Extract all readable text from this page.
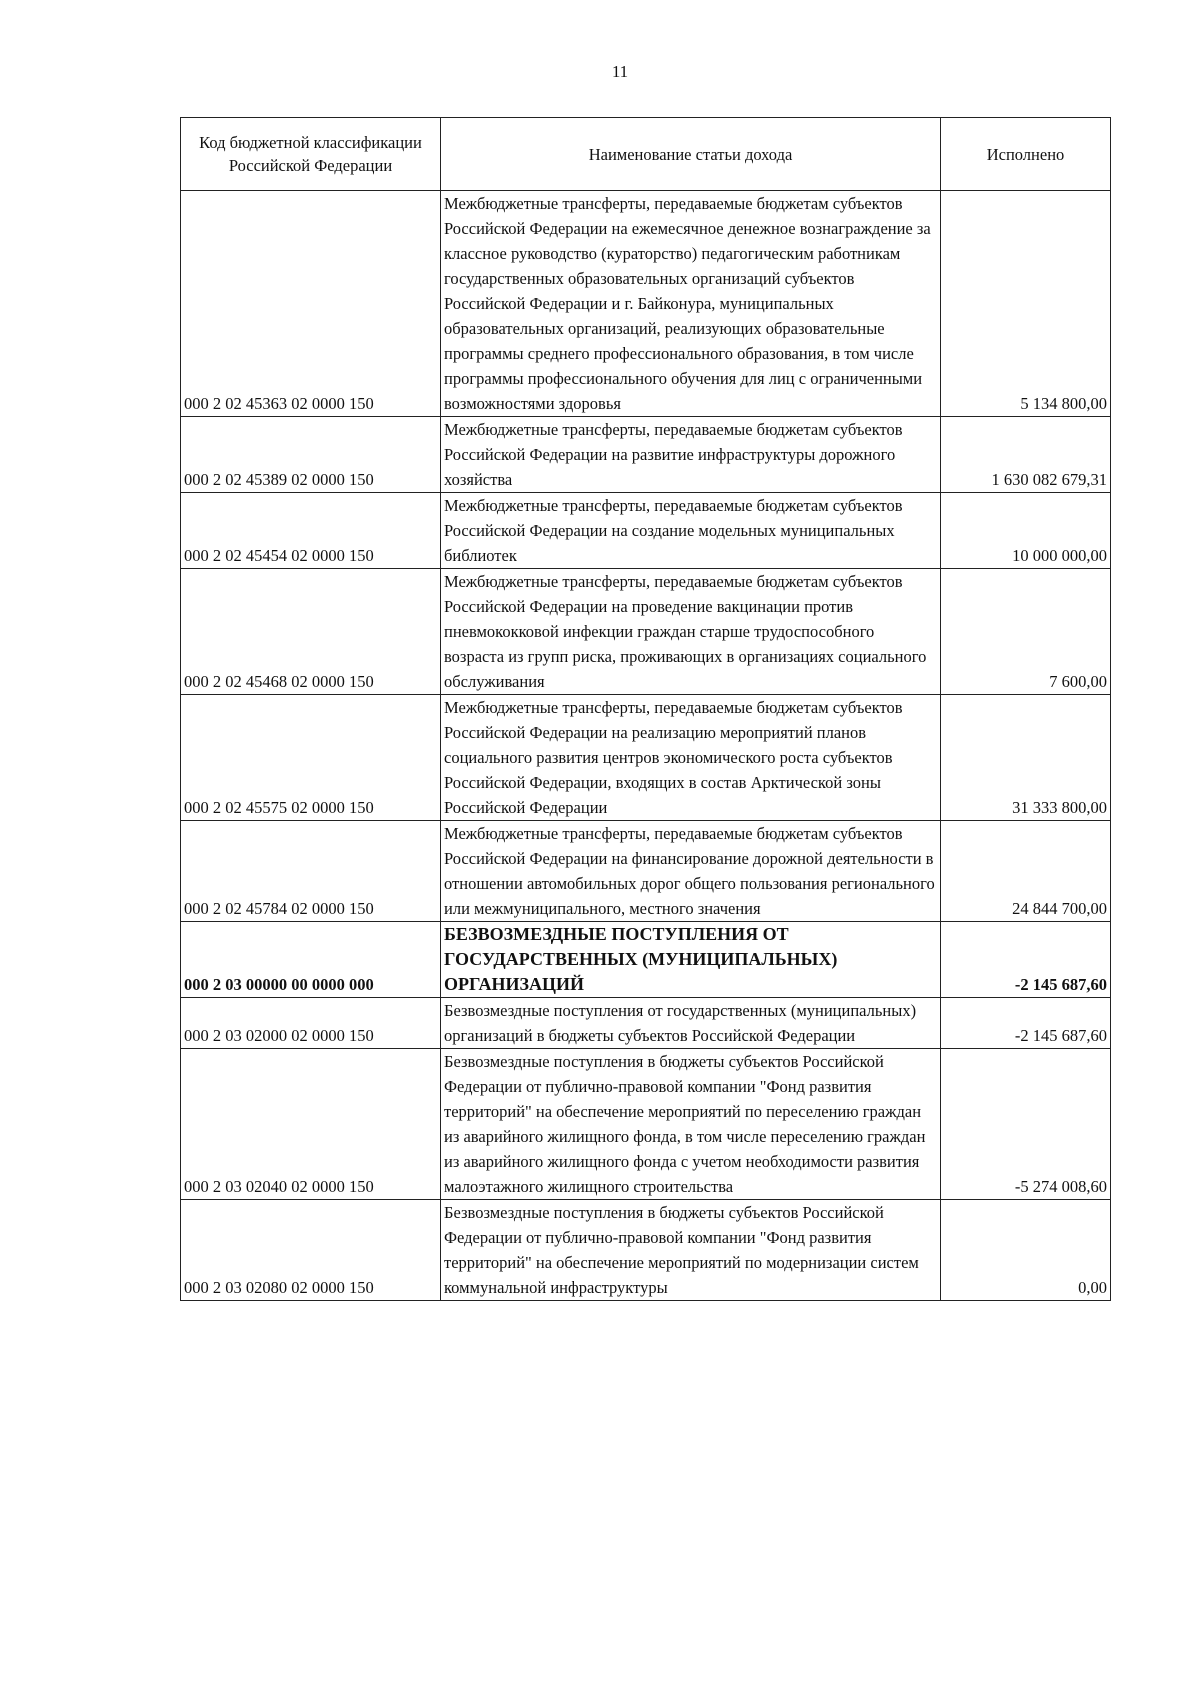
11
Код бюджетной классификации Российской Федерации	Наименование статьи дохода	Исполнено
000 2 02 45363 02 0000 150	Межбюджетные трансферты, передаваемые бюджетам субъектов Российской Федерации на ежемесячное денежное вознаграждение за классное руководство (кураторство) педагогическим работникам государственных образовательных организаций субъектов Российской Федерации и г. Байконура, муниципальных образовательных организаций, реализующих образовательные программы среднего профессионального образования, в том числе программы профессионального обучения для лиц с ограниченными возможностями здоровья	5 134 800,00
000 2 02 45389 02 0000 150	Межбюджетные трансферты, передаваемые бюджетам субъектов Российской Федерации на развитие инфраструктуры дорожного хозяйства	1 630 082 679,31
000 2 02 45454 02 0000 150	Межбюджетные трансферты, передаваемые бюджетам субъектов Российской Федерации на создание модельных муниципальных библиотек	10 000 000,00
000 2 02 45468 02 0000 150	Межбюджетные трансферты, передаваемые бюджетам субъектов Российской Федерации на проведение вакцинации против пневмококковой инфекции граждан старше трудоспособного возраста из групп риска, проживающих в организациях социального обслуживания	7 600,00
000 2 02 45575 02 0000 150	Межбюджетные трансферты, передаваемые бюджетам субъектов Российской Федерации на реализацию мероприятий планов социального развития центров экономического роста субъектов Российской Федерации, входящих в состав Арктической зоны Российской Федерации	31 333 800,00
000 2 02 45784 02 0000 150	Межбюджетные трансферты, передаваемые бюджетам субъектов Российской Федерации на финансирование дорожной деятельности в отношении автомобильных дорог общего пользования регионального или межмуниципального, местного значения	24 844 700,00
000 2 03 00000 00 0000 000	БЕЗВОЗМЕЗДНЫЕ ПОСТУПЛЕНИЯ ОТ ГОСУДАРСТВЕННЫХ (МУНИЦИПАЛЬНЫХ) ОРГАНИЗАЦИЙ	-2 145 687,60
000 2 03 02000 02 0000 150	Безвозмездные поступления от государственных (муниципальных) организаций в бюджеты субъектов Российской Федерации	-2 145 687,60
000 2 03 02040 02 0000 150	Безвозмездные поступления в бюджеты субъектов Российской Федерации от публично-правовой компании "Фонд развития территорий" на обеспечение мероприятий по переселению граждан из аварийного жилищного фонда, в том числе переселению граждан из аварийного жилищного фонда с учетом необходимости развития малоэтажного жилищного строительства	-5 274 008,60
000 2 03 02080 02 0000 150	Безвозмездные поступления в бюджеты субъектов Российской Федерации от публично-правовой компании "Фонд развития территорий" на обеспечение мероприятий по модернизации систем коммунальной инфраструктуры	0,00
